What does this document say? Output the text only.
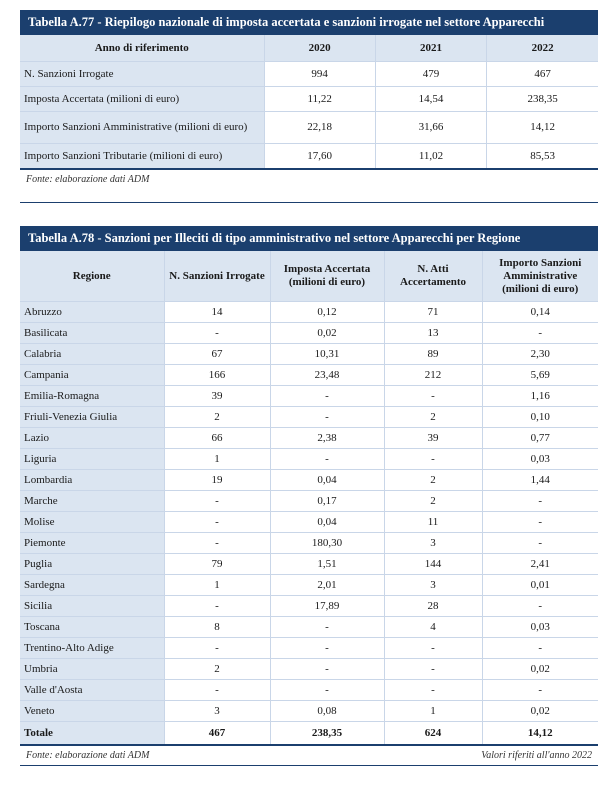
Tabella A.77 - Riepilogo nazionale di imposta accertata e sanzioni irrogate nel settore Apparecchi
Anno di riferimento	2020	2021	2022
N. Sanzioni Irrogate	994	479	467
Imposta Accertata (milioni di euro)	11,22	14,54	238,35
Importo Sanzioni Amministrative (milioni di euro)	22,18	31,66	14,12
Importo Sanzioni Tributarie (milioni di euro)	17,60	11,02	85,53
Fonte: elaborazione dati ADM
Tabella A.78 - Sanzioni per Illeciti di tipo amministrativo nel settore Apparecchi per Regione
Regione	N. Sanzioni Irrogate	Imposta Accertata (milioni di euro)	N. Atti Accertamento	Importo Sanzioni Amministrative (milioni di euro)
Abruzzo	14	0,12	71	0,14
Basilicata	-	0,02	13	-
Calabria	67	10,31	89	2,30
Campania	166	23,48	212	5,69
Emilia-Romagna	39	-	-	1,16
Friuli-Venezia Giulia	2	-	2	0,10
Lazio	66	2,38	39	0,77
Liguria	1	-	-	0,03
Lombardia	19	0,04	2	1,44
Marche	-	0,17	2	-
Molise	-	0,04	11	-
Piemonte	-	180,30	3	-
Puglia	79	1,51	144	2,41
Sardegna	1	2,01	3	0,01
Sicilia	-	17,89	28	-
Toscana	8	-	4	0,03
Trentino-Alto Adige	-	-	-	-
Umbria	2	-	-	0,02
Valle d'Aosta	-	-	-	-
Veneto	3	0,08	1	0,02
Totale	467	238,35	624	14,12
Fonte: elaborazione dati ADM	Valori riferiti all'anno 2022
